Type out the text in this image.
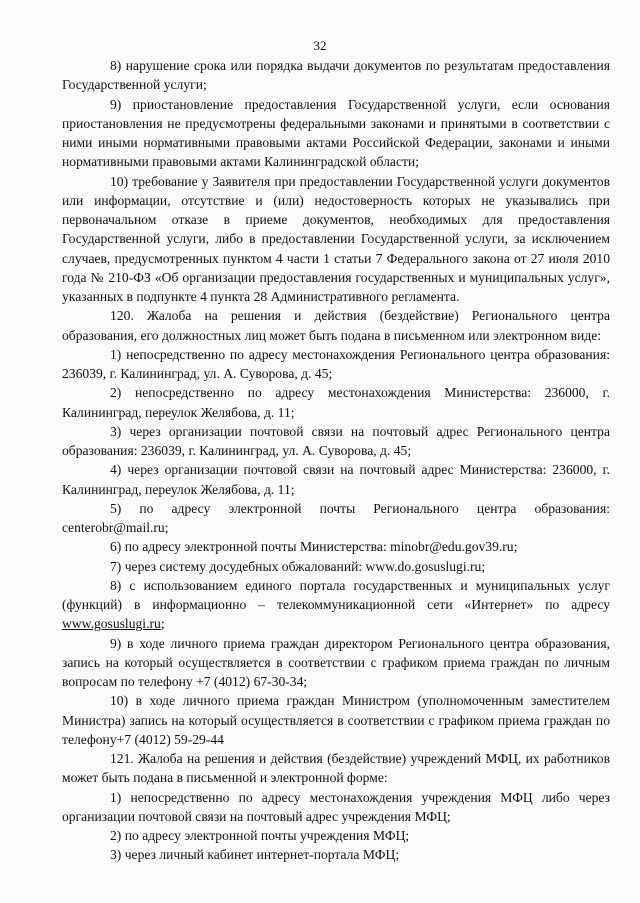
32

8) нарушение срока или порядка выдачи документов по результатам предоставления Государственной услуги;

9) приостановление предоставления Государственной услуги, если основания приостановления не предусмотрены федеральными законами и принятыми в соответствии с ними иными нормативными правовыми актами Российской Федерации, законами и иными нормативными правовыми актами Калининградской области;

10) требование у Заявителя при предоставлении Государственной услуги документов или информации, отсутствие и (или) недостоверность которых не указывались при первоначальном отказе в приеме документов, необходимых для предоставления Государственной услуги, либо в предоставлении Государственной услуги, за исключением случаев, предусмотренных пунктом 4 части 1 статьи 7 Федерального закона от 27 июля 2010 года № 210-ФЗ «Об организации предоставления государственных и муниципальных услуг», указанных в подпункте 4 пункта 28 Административного регламента.

120. Жалоба на решения и действия (бездействие) Регионального центра образования, его должностных лиц может быть подана в письменном или электронном виде:

1) непосредственно по адресу местонахождения Регионального центра образования: 236039, г. Калининград, ул. А. Суворова, д. 45;

2) непосредственно по адресу местонахождения Министерства: 236000, г. Калининград, переулок Желябова, д. 11;

3) через организации почтовой связи на почтовый адрес Регионального центра образования: 236039, г. Калининград, ул. А. Суворова, д. 45;

4) через организации почтовой связи на почтовый адрес Министерства: 236000, г. Калининград, переулок Желябова, д. 11;

5) по адресу электронной почты Регионального центра образования: centerobr@mail.ru;

6) по адресу электронной почты Министерства: minobr@edu.gov39.ru;

7) через систему досудебных обжалований: www.do.gosuslugi.ru;

8) с использованием единого портала государственных и муниципальных услуг (функций) в информационно – телекоммуникационной сети «Интернет» по адресу www.gosuslugi.ru;

9) в ходе личного приема граждан директором Регионального центра образования, запись на который осуществляется в соответствии с графиком приема граждан по личным вопросам по телефону +7 (4012) 67-30-34;

10) в ходе личного приема граждан Министром (уполномоченным заместителем Министра) запись на который осуществляется в соответствии с графиком приема граждан по телефону+7 (4012) 59-29-44

121. Жалоба на решения и действия (бездействие) учреждений МФЦ, их работников может быть подана в письменной и электронной форме:

1) непосредственно по адресу местонахождения учреждения МФЦ либо через организации почтовой связи на почтовый адрес учреждения МФЦ;

2) по адресу электронной почты учреждения МФЦ;

3) через личный кабинет интернет-портала МФЦ;
